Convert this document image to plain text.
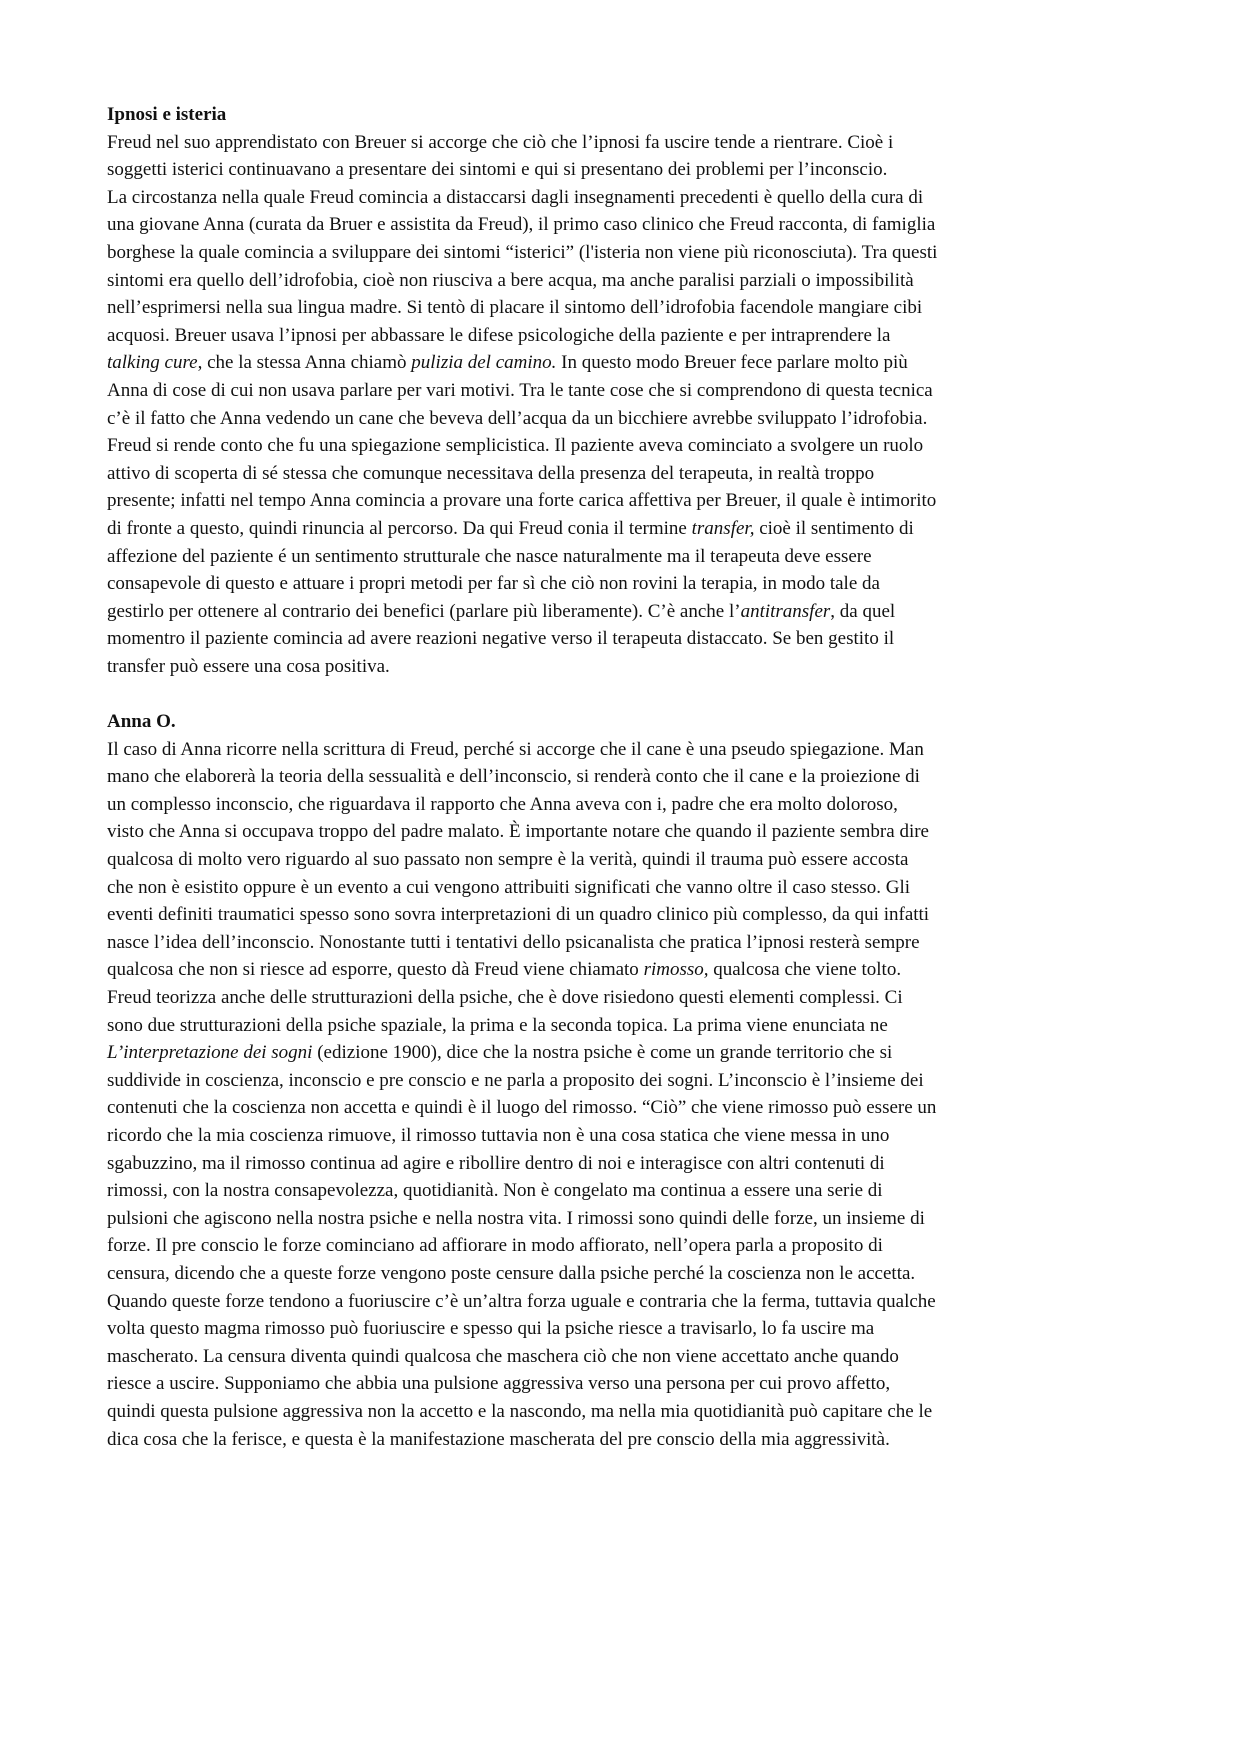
Ipnosi e isteria
Freud nel suo apprendistato con Breuer si accorge che ciò che l’ipnosi fa uscire tende a rientrare. Cioè i
soggetti isterici continuavano a presentare dei sintomi e qui si presentano dei problemi per l’inconscio.
La circostanza nella quale Freud comincia a distaccarsi dagli insegnamenti precedenti è quello della cura di
una giovane Anna (curata da Bruer e assistita da Freud), il primo caso clinico che Freud racconta, di famiglia
borghese la quale comincia a sviluppare dei sintomi “isterici” (l'isteria non viene più riconosciuta). Tra questi
sintomi era quello dell’idrofobia, cioè non riusciva a bere acqua, ma anche paralisi parziali o impossibilità
nell’esprimersi nella sua lingua madre. Si tentò di placare il sintomo dell’idrofobia facendole mangiare cibi
acquosi. Breuer usava l’ipnosi per abbassare le difese psicologiche della paziente e per intraprendere la
talking cure, che la stessa Anna chiamò pulizia del camino. In questo modo Breuer fece parlare molto più
Anna di cose di cui non usava parlare per vari motivi. Tra le tante cose che si comprendono di questa tecnica
c’è il fatto che Anna vedendo un cane che beveva dell’acqua da un bicchiere avrebbe sviluppato l’idrofobia.
Freud si rende conto che fu una spiegazione semplicistica. Il paziente aveva cominciato a svolgere un ruolo
attivo di scoperta di sé stessa che comunque necessitava della presenza del terapeuta, in realtà troppo
presente; infatti nel tempo Anna comincia a provare una forte carica affettiva per Breuer, il quale è intimorito
di fronte a questo, quindi rinuncia al percorso. Da qui Freud conia il termine transfer, cioè il sentimento di
affezione del paziente é un sentimento strutturale che nasce naturalmente ma il terapeuta deve essere
consapevole di questo e attuare i propri metodi per far sì che ciò non rovini la terapia, in modo tale da
gestirlo per ottenere al contrario dei benefici (parlare più liberamente). C’è anche l’antitransfer, da quel
momentro il paziente comincia ad avere reazioni negative verso il terapeuta distaccato. Se ben gestito il
transfer può essere una cosa positiva.
Anna O.
Il caso di Anna ricorre nella scrittura di Freud, perché si accorge che il cane è una pseudo spiegazione. Man
mano che elaborerà la teoria della sessualità e dell’inconscio, si renderà conto che il cane e la proiezione di
un complesso inconscio, che riguardava il rapporto che Anna aveva con i, padre che era molto doloroso,
visto che Anna si occupava troppo del padre malato. È importante notare che quando il paziente sembra dire
qualcosa di molto vero riguardo al suo passato non sempre è la verità, quindi il trauma può essere accosta
che non è esistito oppure è un evento a cui vengono attribuiti significati che vanno oltre il caso stesso. Gli
eventi definiti traumatici spesso sono sovra interpretazioni di un quadro clinico più complesso, da qui infatti
nasce l’idea dell’inconscio. Nonostante tutti i tentativi dello psicanalista che pratica l’ipnosi resterà sempre
qualcosa che non si riesce ad esporre, questo dà Freud viene chiamato rimosso, qualcosa che viene tolto.
Freud teorizza anche delle strutturazioni della psiche, che è dove risiedono questi elementi complessi. Ci
sono due strutturazioni della psiche spaziale, la prima e la seconda topica. La prima viene enunciata ne
L’interpretazione dei sogni (edizione 1900), dice che la nostra psiche è come un grande territorio che si
suddivide in coscienza, inconscio e pre conscio e ne parla a proposito dei sogni. L’inconscio è l’insieme dei
contenuti che la coscienza non accetta e quindi è il luogo del rimosso. “Ciò” che viene rimosso può essere un
ricordo che la mia coscienza rimuove, il rimosso tuttavia non è una cosa statica che viene messa in uno
sgabuzzino, ma il rimosso continua ad agire e ribollire dentro di noi e interagisce con altri contenuti di
rimossi, con la nostra consapevolezza, quotidianità. Non è congelato ma continua a essere una serie di
pulsioni che agiscono nella nostra psiche e nella nostra vita. I rimossi sono quindi delle forze, un insieme di
forze. Il pre conscio le forze cominciano ad affiorare in modo affiorato, nell’opera parla a proposito di
censura, dicendo che a queste forze vengono poste censure dalla psiche perché la coscienza non le accetta.
Quando queste forze tendono a fuoriuscire c’è un’altra forza uguale e contraria che la ferma, tuttavia qualche
volta questo magma rimosso può fuoriuscire e spesso qui la psiche riesce a travisarlo, lo fa uscire ma
mascherato. La censura diventa quindi qualcosa che maschera ciò che non viene accettato anche quando
riesce a uscire. Supponiamo che abbia una pulsione aggressiva verso una persona per cui provo affetto,
quindi questa pulsione aggressiva non la accetto e la nascondo, ma nella mia quotidianità può capitare che le
dica cosa che la ferisce, e questa è la manifestazione mascherata del pre conscio della mia aggressività.
